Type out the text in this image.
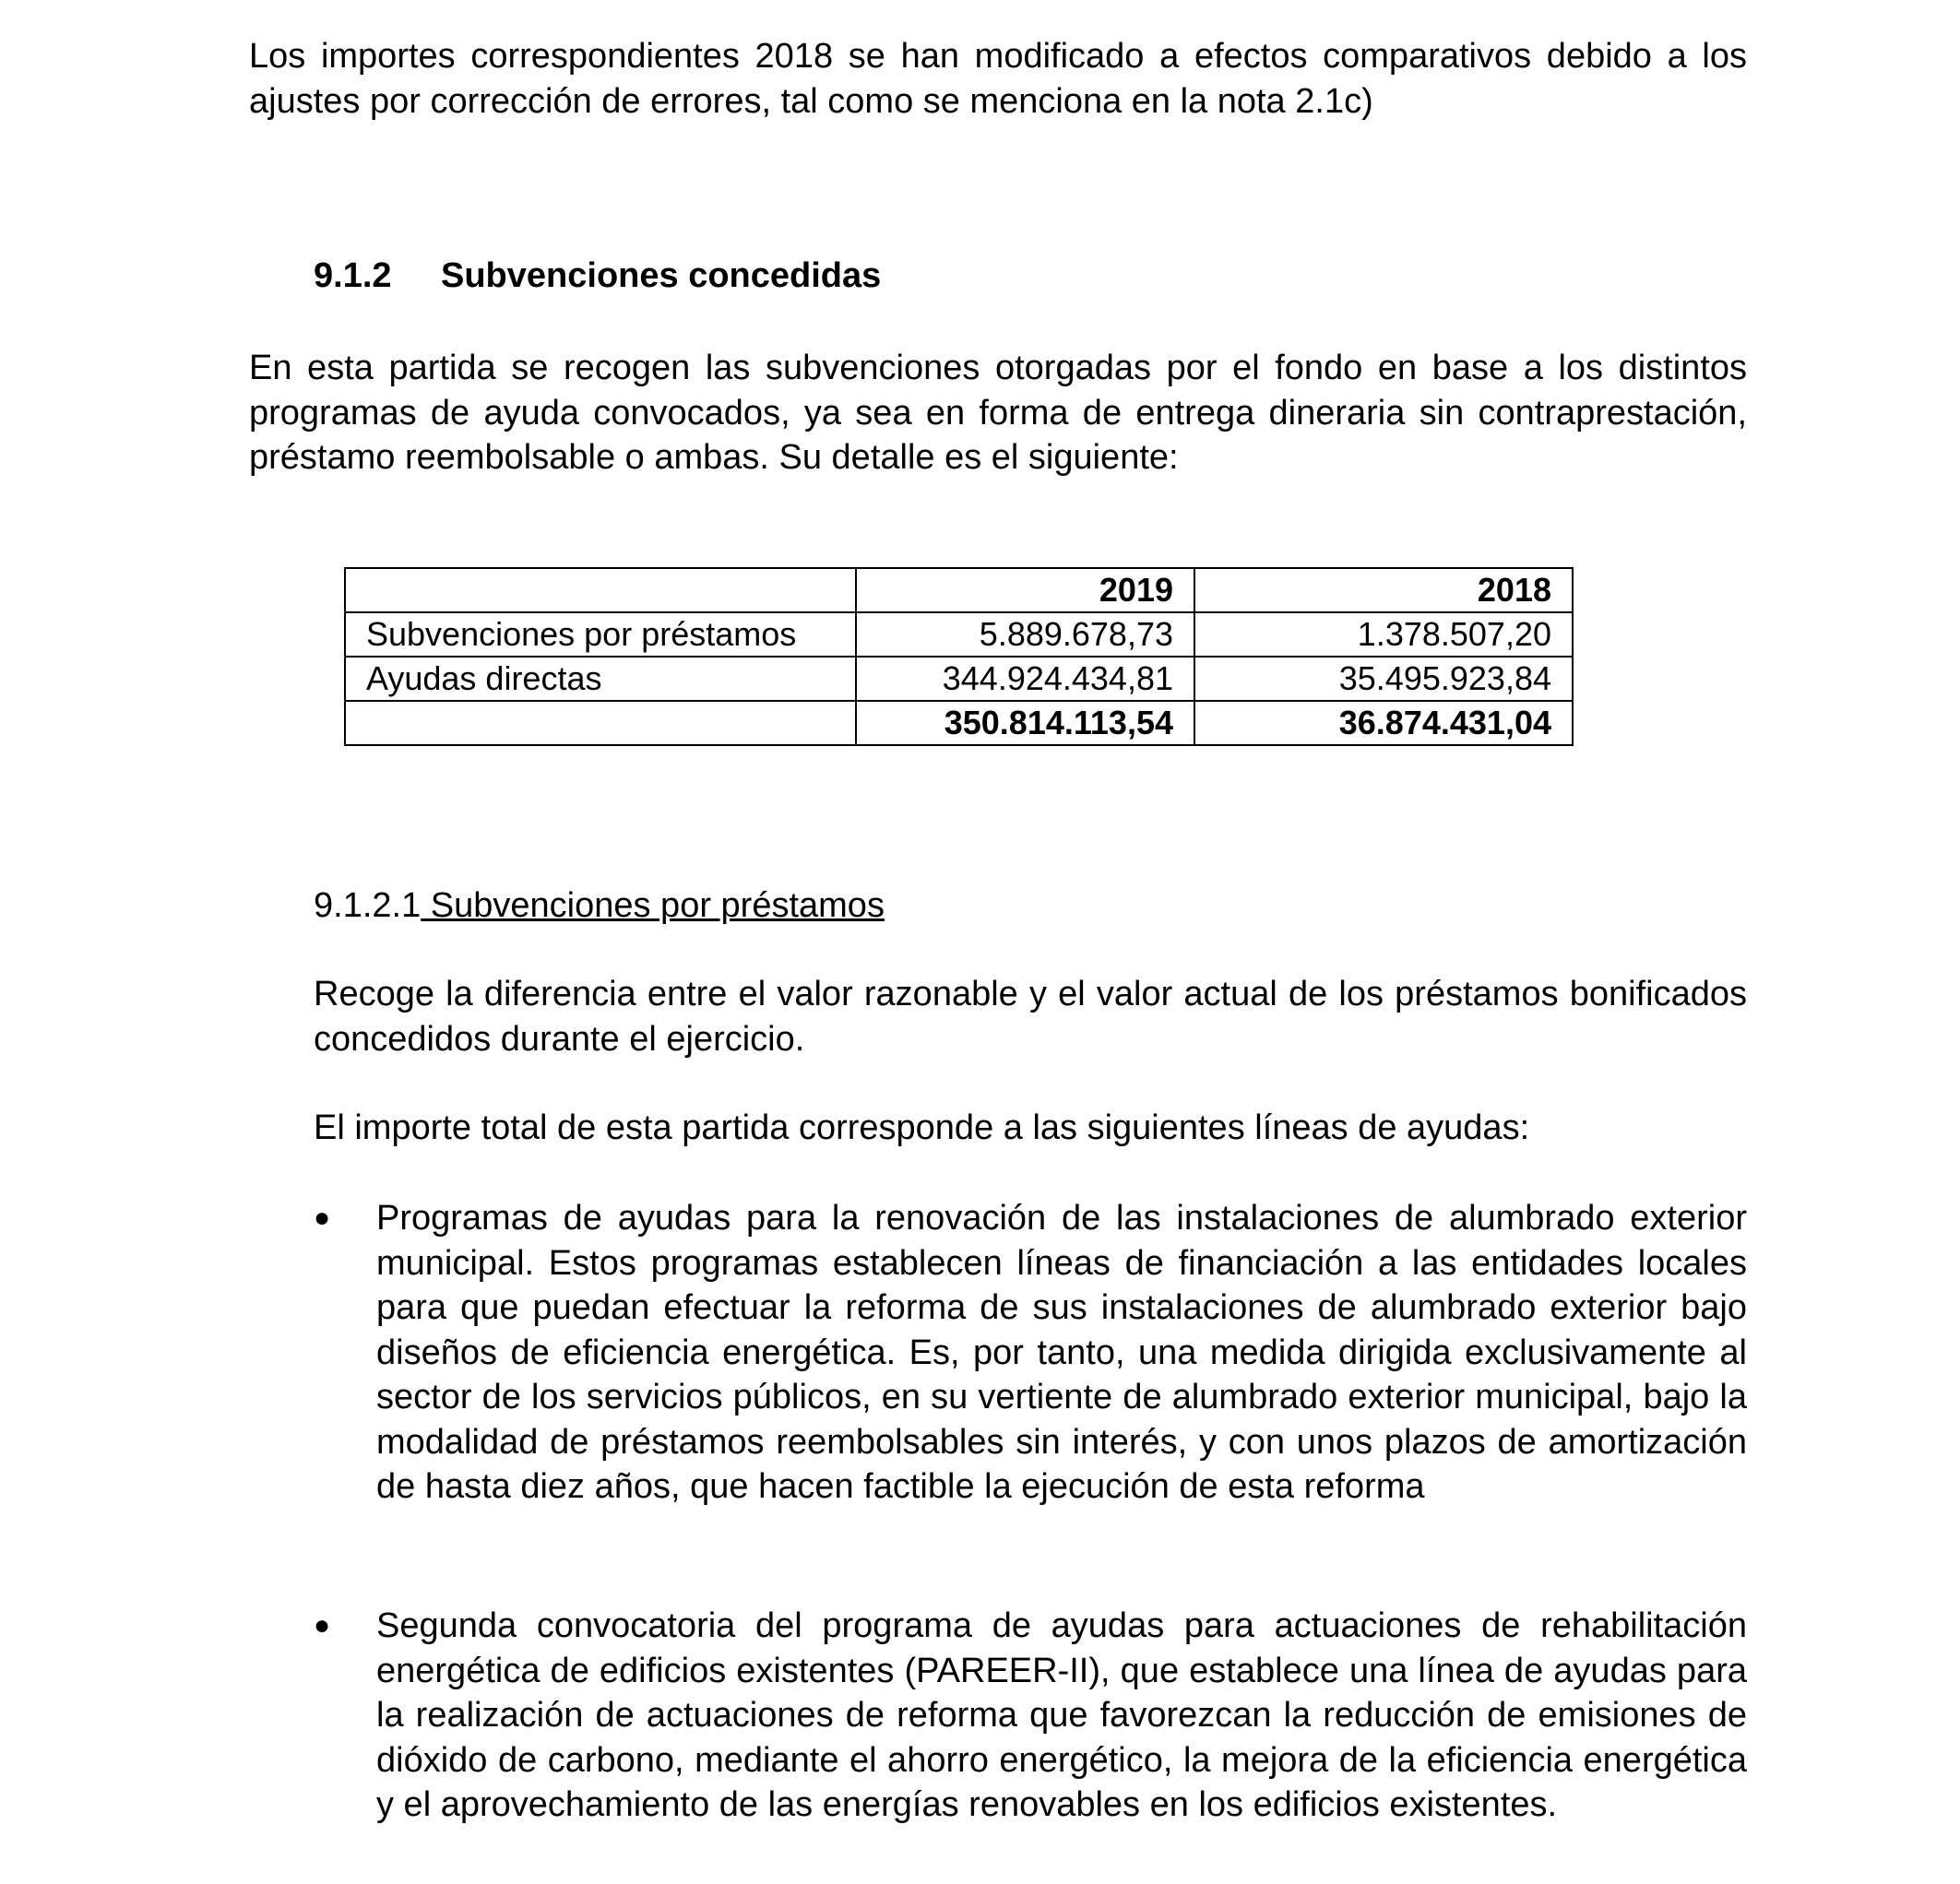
Los importes correspondientes 2018 se han modificado a efectos comparativos debido a los ajustes por corrección de errores, tal como se menciona en la nota 2.1c)

9.1.2 Subvenciones concedidas

En esta partida se recogen las subvenciones otorgadas por el fondo en base a los distintos programas de ayuda convocados, ya sea en forma de entrega dineraria sin contraprestación, préstamo reembolsable o ambas. Su detalle es el siguiente:

	2019	2018
Subvenciones por préstamos	5.889.678,73	1.378.507,20
Ayudas directas	344.924.434,81	35.495.923,84
	350.814.113,54	36.874.431,04

9.1.2.1 Subvenciones por préstamos

Recoge la diferencia entre el valor razonable y el valor actual de los préstamos bonificados concedidos durante el ejercicio.

El importe total de esta partida corresponde a las siguientes líneas de ayudas:

●	Programas de ayudas para la renovación de las instalaciones de alumbrado exterior municipal. Estos programas establecen líneas de financiación a las entidades locales para que puedan efectuar la reforma de sus instalaciones de alumbrado exterior bajo diseños de eficiencia energética. Es, por tanto, una medida dirigida exclusivamente al sector de los servicios públicos, en su vertiente de alumbrado exterior municipal, bajo la modalidad de préstamos reembolsables sin interés, y con unos plazos de amortización de hasta diez años, que hacen factible la ejecución de esta reforma
●	Segunda convocatoria del programa de ayudas para actuaciones de rehabilitación energética de edificios existentes (PAREER-II), que establece una línea de ayudas para la realización de actuaciones de reforma que favorezcan la reducción de emisiones de dióxido de carbono, mediante el ahorro energético, la mejora de la eficiencia energética y el aprovechamiento de las energías renovables en los edificios existentes.
